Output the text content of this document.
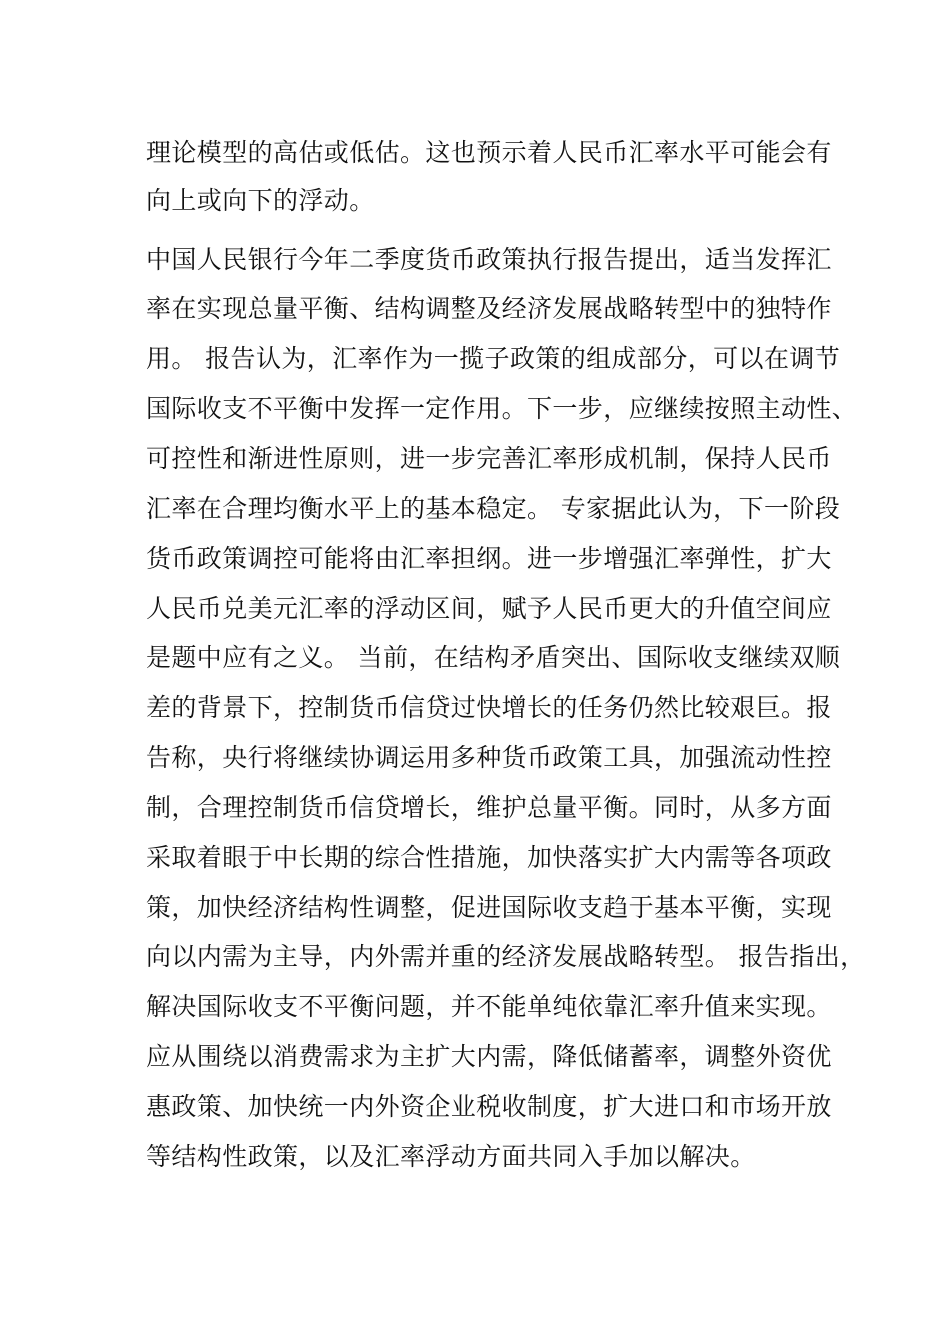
理论模型的高估或低估。这也预示着人民币汇率水平可能会有
向上或向下的浮动。
中国人民银行今年二季度货币政策执行报告提出，适当发挥汇
率在实现总量平衡、结构调整及经济发展战略转型中的独特作
用。 报告认为，汇率作为一揽子政策的组成部分，可以在调节
国际收支不平衡中发挥一定作用。下一步，应继续按照主动性、
可控性和渐进性原则，进一步完善汇率形成机制，保持人民币
汇率在合理均衡水平上的基本稳定。 专家据此认为，下一阶段
货币政策调控可能将由汇率担纲。进一步增强汇率弹性，扩大
人民币兑美元汇率的浮动区间，赋予人民币更大的升值空间应
是题中应有之义。 当前，在结构矛盾突出、国际收支继续双顺
差的背景下，控制货币信贷过快增长的任务仍然比较艰巨。报
告称，央行将继续协调运用多种货币政策工具，加强流动性控
制，合理控制货币信贷增长，维护总量平衡。同时，从多方面
采取着眼于中长期的综合性措施，加快落实扩大内需等各项政
策，加快经济结构性调整，促进国际收支趋于基本平衡，实现
向以内需为主导，内外需并重的经济发展战略转型。 报告指出，
解决国际收支不平衡问题，并不能单纯依靠汇率升值来实现。
应从围绕以消费需求为主扩大内需，降低储蓄率，调整外资优
惠政策、加快统一内外资企业税收制度，扩大进口和市场开放
等结构性政策，以及汇率浮动方面共同入手加以解决。
